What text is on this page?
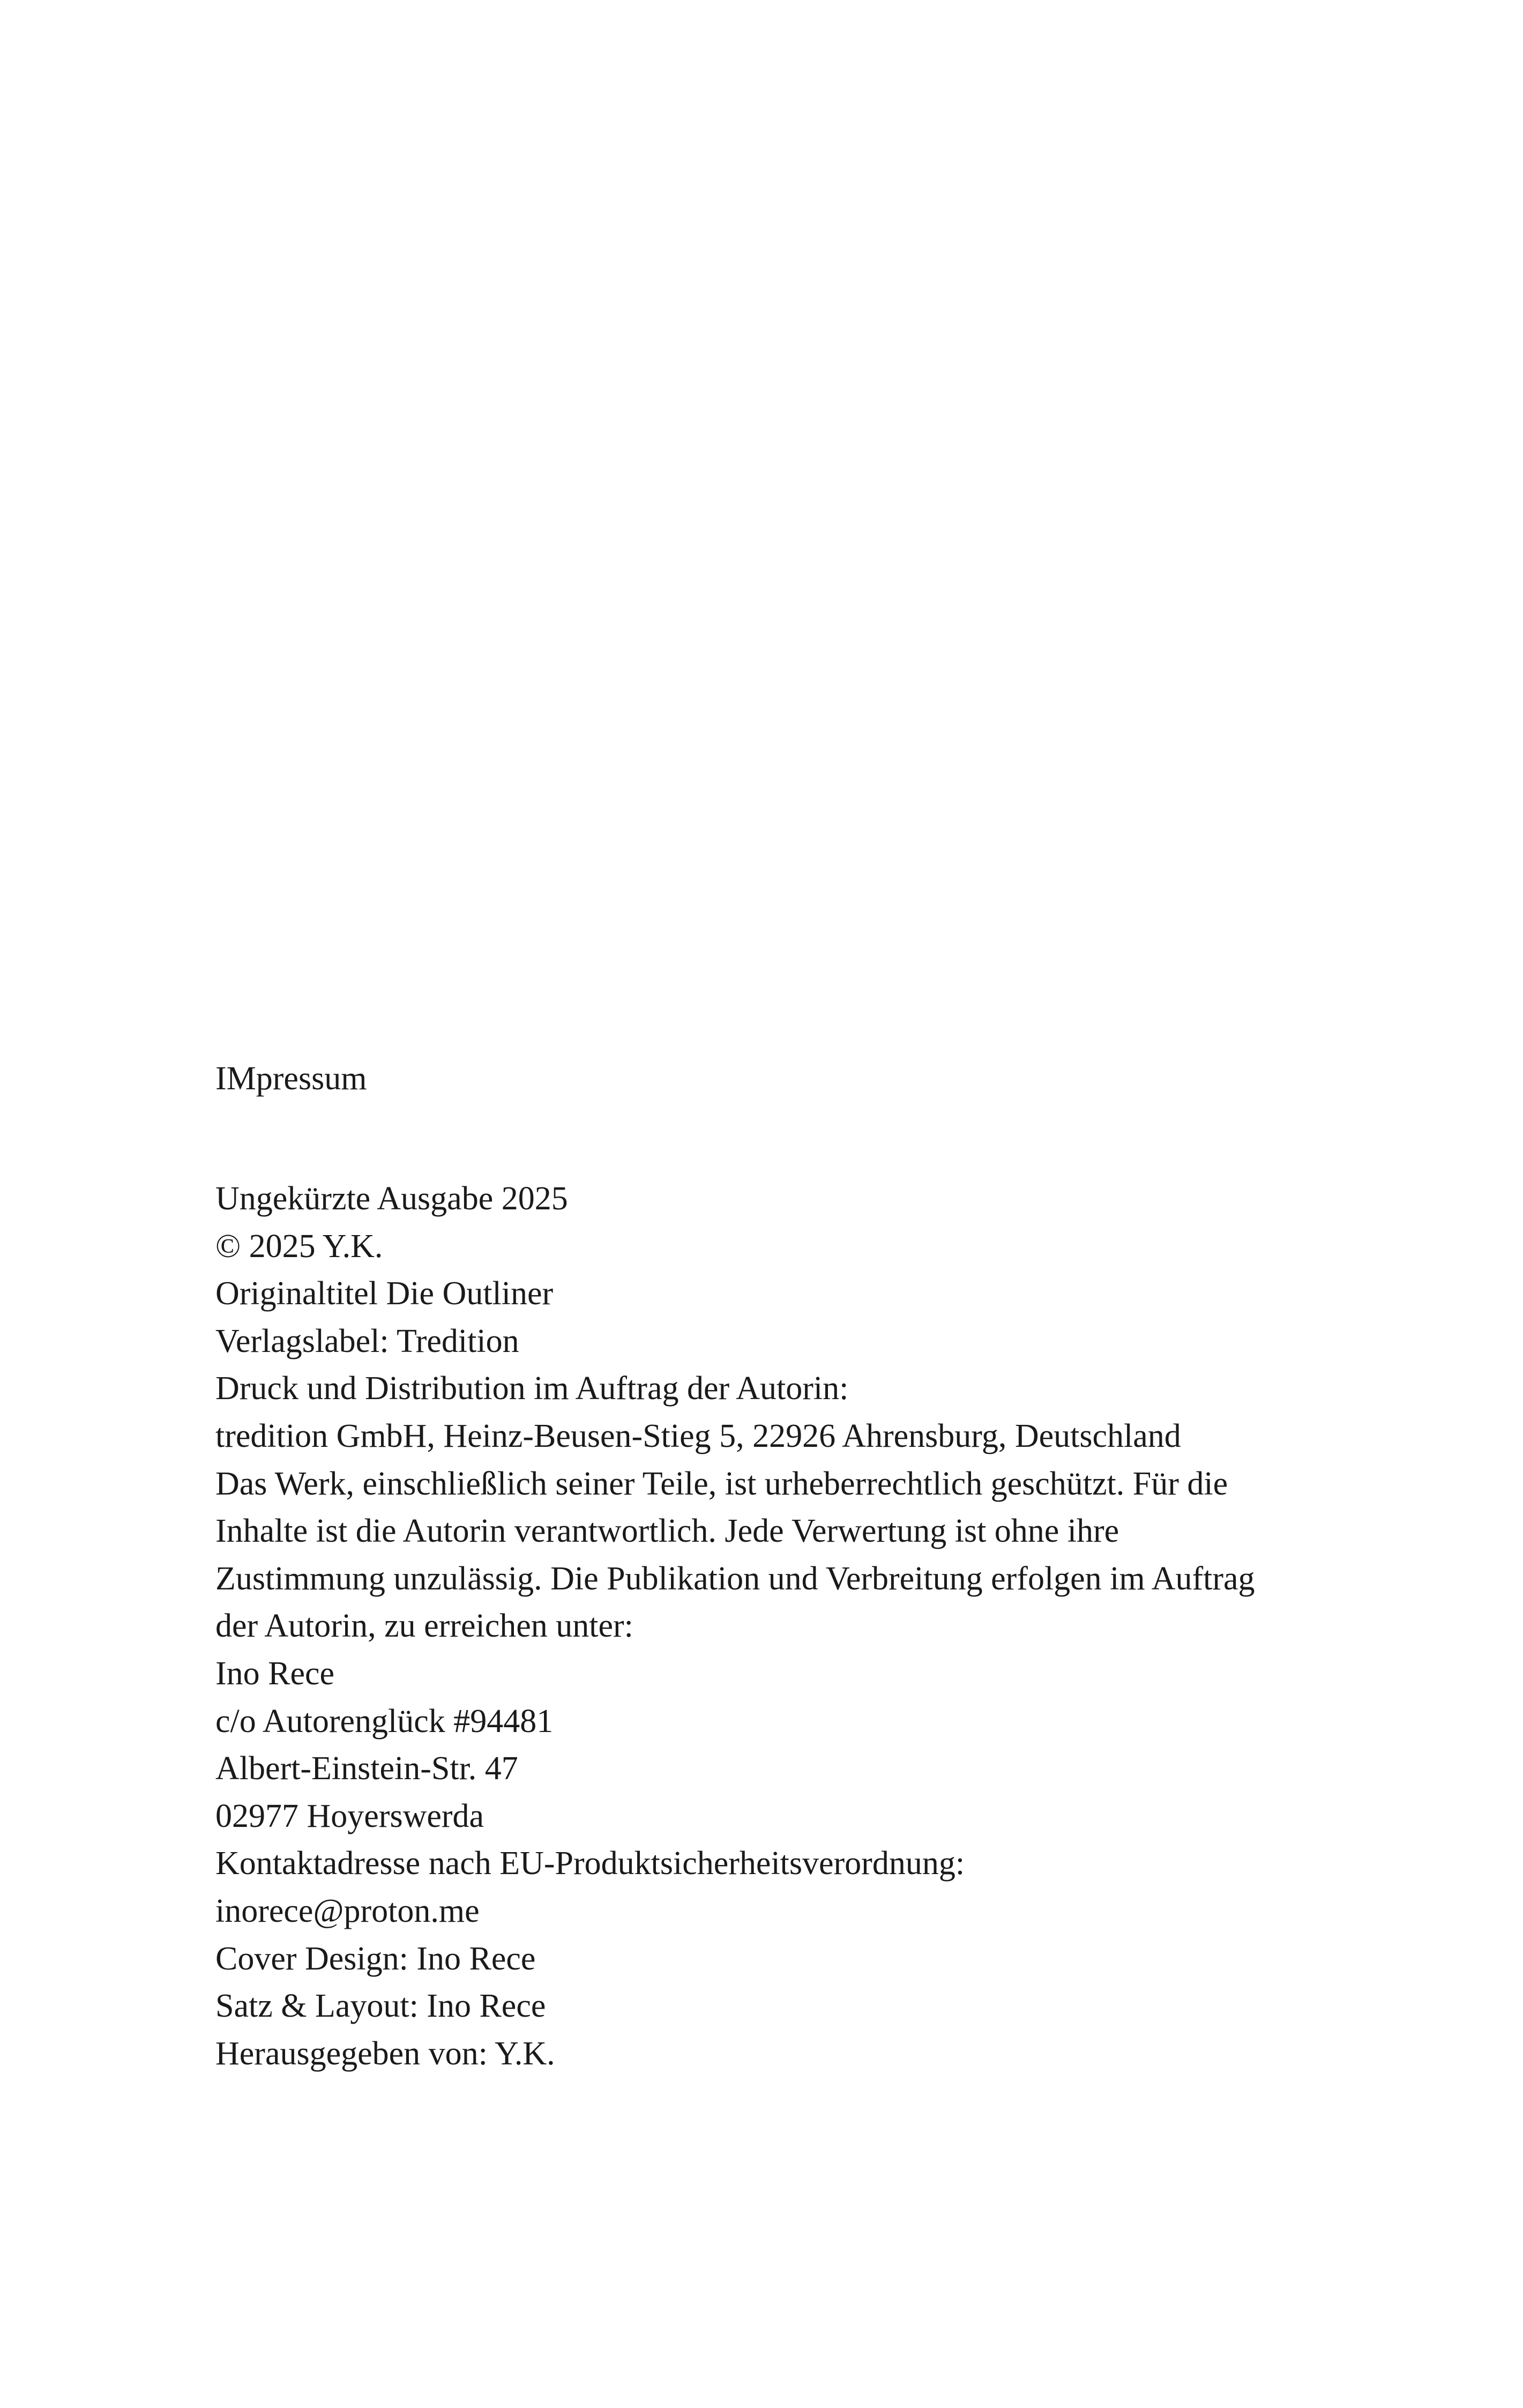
IMpressum
Ungekürzte Ausgabe 2025
© 2025 Y.K.
Originaltitel Die Outliner
Verlagslabel: Tredition
Druck und Distribution im Auftrag der Autorin:
tredition GmbH, Heinz-Beusen-Stieg 5, 22926 Ahrensburg, Deutschland
Das Werk, einschließlich seiner Teile, ist urheberrechtlich geschützt. Für die
Inhalte ist die Autorin verantwortlich. Jede Verwertung ist ohne ihre
Zustimmung unzulässig. Die Publikation und Verbreitung erfolgen im Auftrag
der Autorin, zu erreichen unter:
Ino Rece
c/o Autorenglück #94481
Albert-Einstein-Str. 47
02977 Hoyerswerda
Kontaktadresse nach EU-Produktsicherheitsverordnung:
inorece@proton.me
Cover Design: Ino Rece
Satz & Layout: Ino Rece
Herausgegeben von: Y.K.
